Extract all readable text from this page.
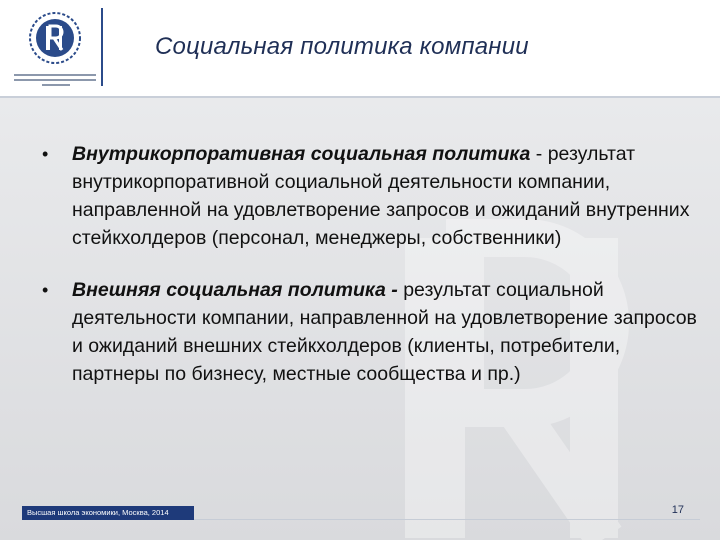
Социальная политика компании
• Внутрикорпоративная социальная политика - результат внутрикорпоративной социальной деятельности компании, направленной на удовлетворение запросов и ожиданий внутренних стейкхолдеров (персонал, менеджеры, собственники)
• Внешняя социальная политика - результат социальной деятельности компании, направленной на удовлетворение запросов и ожиданий внешних стейкхолдеров (клиенты, потребители, партнеры по бизнесу, местные сообщества и пр.)
Высшая школа экономики, Москва, 2014	17
